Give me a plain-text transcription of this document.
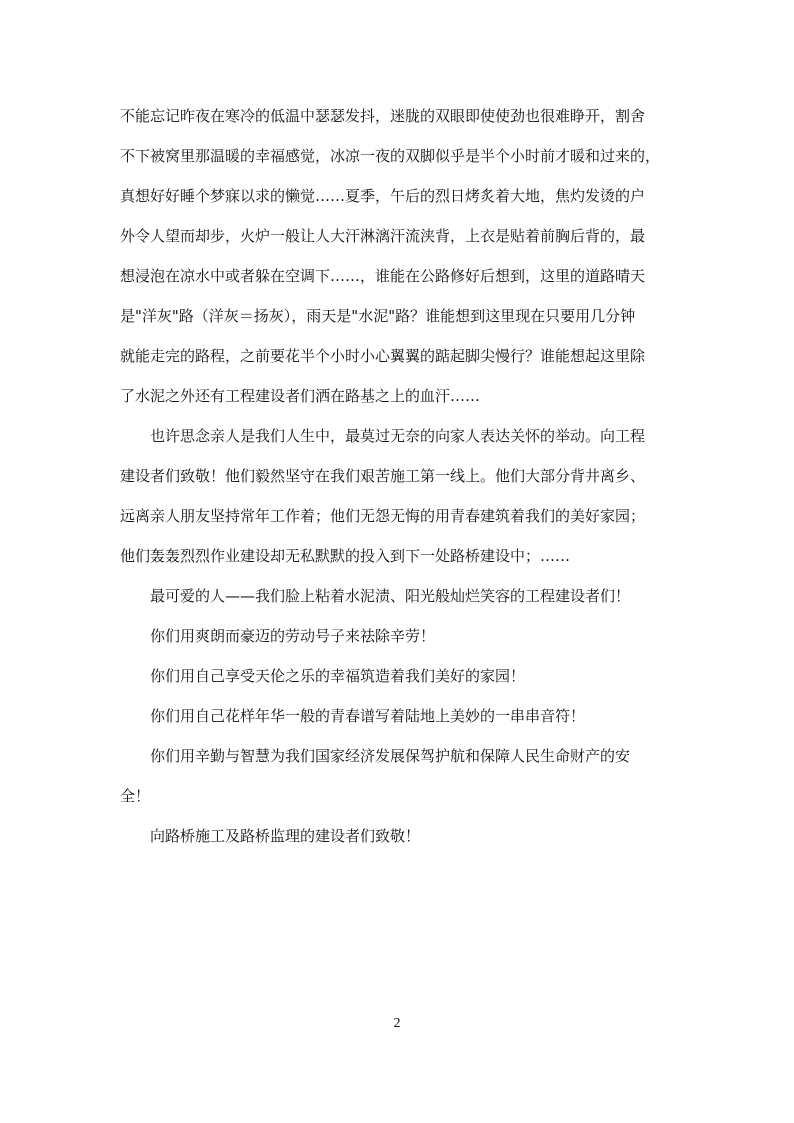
不能忘记昨夜在寒冷的低温中瑟瑟发抖，迷胧的双眼即使使劲也很难睁开，割舍
不下被窝里那温暖的幸福感觉，冰凉一夜的双脚似乎是半个小时前才暖和过来的，
真想好好睡个梦寐以求的懒觉……夏季，午后的烈日烤炙着大地，焦灼发烫的户
外令人望而却步，火炉一般让人大汗淋漓汗流浃背，上衣是贴着前胸后背的，最
想浸泡在凉水中或者躲在空调下……，谁能在公路修好后想到，这里的道路晴天
是"洋灰"路（洋灰＝扬灰），雨天是"水泥"路？谁能想到这里现在只要用几分钟
就能走完的路程，之前要花半个小时小心翼翼的踮起脚尖慢行？谁能想起这里除
了水泥之外还有工程建设者们洒在路基之上的血汗……
也许思念亲人是我们人生中，最莫过无奈的向家人表达关怀的举动。向工程
建设者们致敬！他们毅然坚守在我们艰苦施工第一线上。他们大部分背井离乡、
远离亲人朋友坚持常年工作着；他们无怨无悔的用青春建筑着我们的美好家园；
他们轰轰烈烈作业建设却无私默默的投入到下一处路桥建设中；……
最可爱的人——我们脸上粘着水泥渍、阳光般灿烂笑容的工程建设者们！
你们用爽朗而豪迈的劳动号子来祛除辛劳！
你们用自己享受天伦之乐的幸福筑造着我们美好的家园！
你们用自己花样年华一般的青春谱写着陆地上美妙的一串串音符！
你们用辛勤与智慧为我们国家经济发展保驾护航和保障人民生命财产的安
全！
向路桥施工及路桥监理的建设者们致敬！
2
